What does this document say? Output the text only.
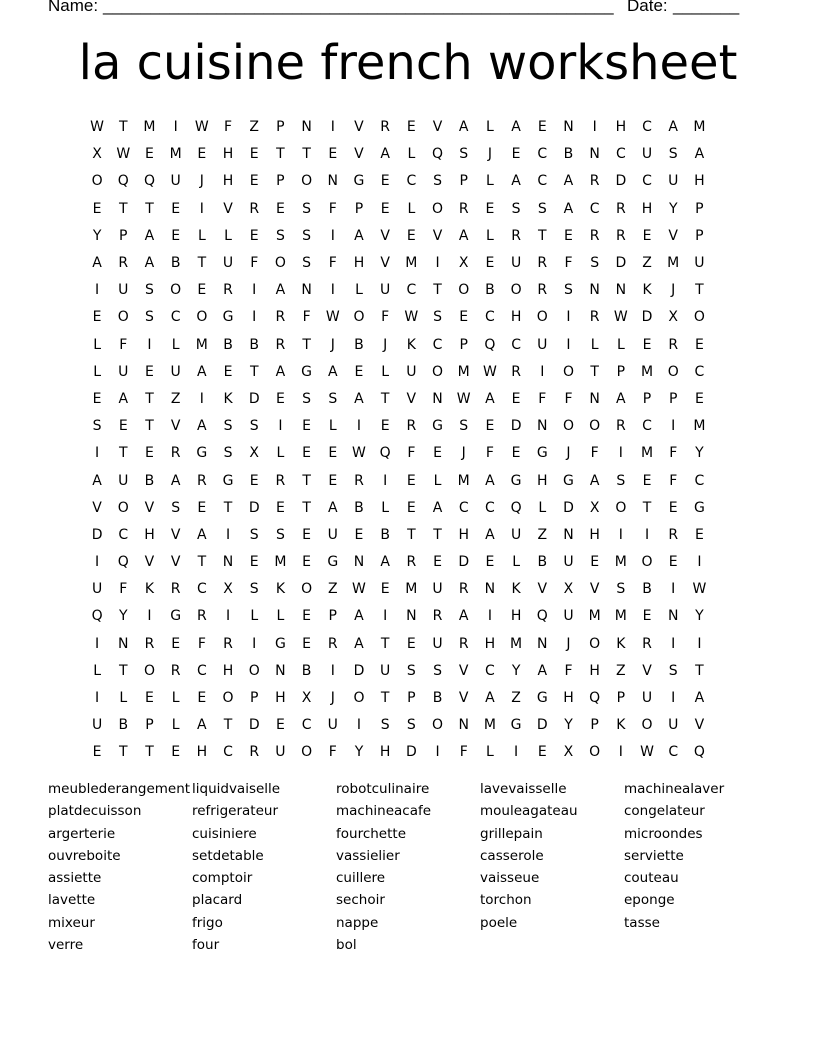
Name: ______________________________________________________ Date: _______
la cuisine french worksheet
W	T	M	I	W	F	Z	P	N	I	V	R	E	V	A	L	A	E	N	I	H	C	A	M
X	W	E	M	E	H	E	T	T	E	V	A	L	Q	S	J	E	C	B	N	C	U	S	A
O	Q	Q	U	J	H	E	P	O	N	G	E	C	S	P	L	A	C	A	R	D	C	U	H
E	T	T	E	I	V	R	E	S	F	P	E	L	O	R	E	S	S	A	C	R	H	Y	P
Y	P	A	E	L	L	E	S	S	I	A	V	E	V	A	L	R	T	E	R	R	E	V	P
A	R	A	B	T	U	F	O	S	F	H	V	M	I	X	E	U	R	F	S	D	Z	M	U
I	U	S	O	E	R	I	A	N	I	L	U	C	T	O	B	O	R	S	N	N	K	J	T
E	O	S	C	O	G	I	R	F	W O	F	W	S	E	C	H	O	I	R	W D	X	O
L	F	I	L	M	B	B	R	T	J	B	J	K	C	P	Q	C	U	I	L	L	E	R	E
L	U	E	U	A	E	T	A	G	A	E	L	U	O	M W	R	I	O	T	P	M	O	C
E	A	T	Z	I	K	D	E	S	S	A	T	V	N	W	A	E	F	F	N	A	P	P	E
S	E	T	V	A	S	S	I	E	L	I	E	R	G	S	E	D	N	O	O	R	C	I	M
I	T	E	R	G	S	X	L	E	E	W Q	F	E	J	F	E	G	J	F	I	M	F	Y
A	U	B	A	R	G	E	R	T	E	R	I	E	L	M	A	G	H	G	A	S	E	F	C
V	O	V	S	E	T	D	E	T	A	B	L	E	A	C	C	Q	L	D	X	O	T	E	G
D	C	H	V	A	I	S	S	E	U	E	B	T	T	H	A	U	Z	N	H	I	I	R	E
I	Q	V	V	T	N	E	M	E	G	N	A	R	E	D	E	L	B	U	E	M	O	E	I
U	F	K	R	C	X	S	K	O	Z	W	E	M	U	R	N	K	V	X	V	S	B	I	W
Q	Y	I	G	R	I	L	L	E	P	A	I	N	R	A	I	H	Q	U	M	M	E	N	Y
I	N	R	E	F	R	I	G	E	R	A	T	E	U	R	H	M	N	J	O	K	R	I	I
L	T	O	R	C	H	O	N	B	I	D	U	S	S	V	C	Y	A	F	H	Z	V	S	T
I	L	E	L	E	O	P	H	X	J	O	T	P	B	V	A	Z	G	H	Q	P	U	I	A
U	B	P	L	A	T	D	E	C	U	I	S	S	O	N	M	G	D	Y	P	K	O	U	V
E	T	T	E	H	C	R	U	O	F	Y	H	D	I	F	L	I	E	X	O	I	W	C	Q
meublederangement
platdecuisson
argerterie
ouvreboite
assiette
lavette
mixeur
verre
liquidvaiselle
refrigerateur
cuisiniere
setdetable
comptoir
placard
frigo
four
robotculinaire
machineacafe
fourchette
vassielier
cuillere
sechoir
nappe
bol
lavevaisselle
mouleagateau
grillepain
casserole
vaisseue
torchon
poele
machinealaver
congelateur
microondes
serviette
couteau
eponge
tasse
